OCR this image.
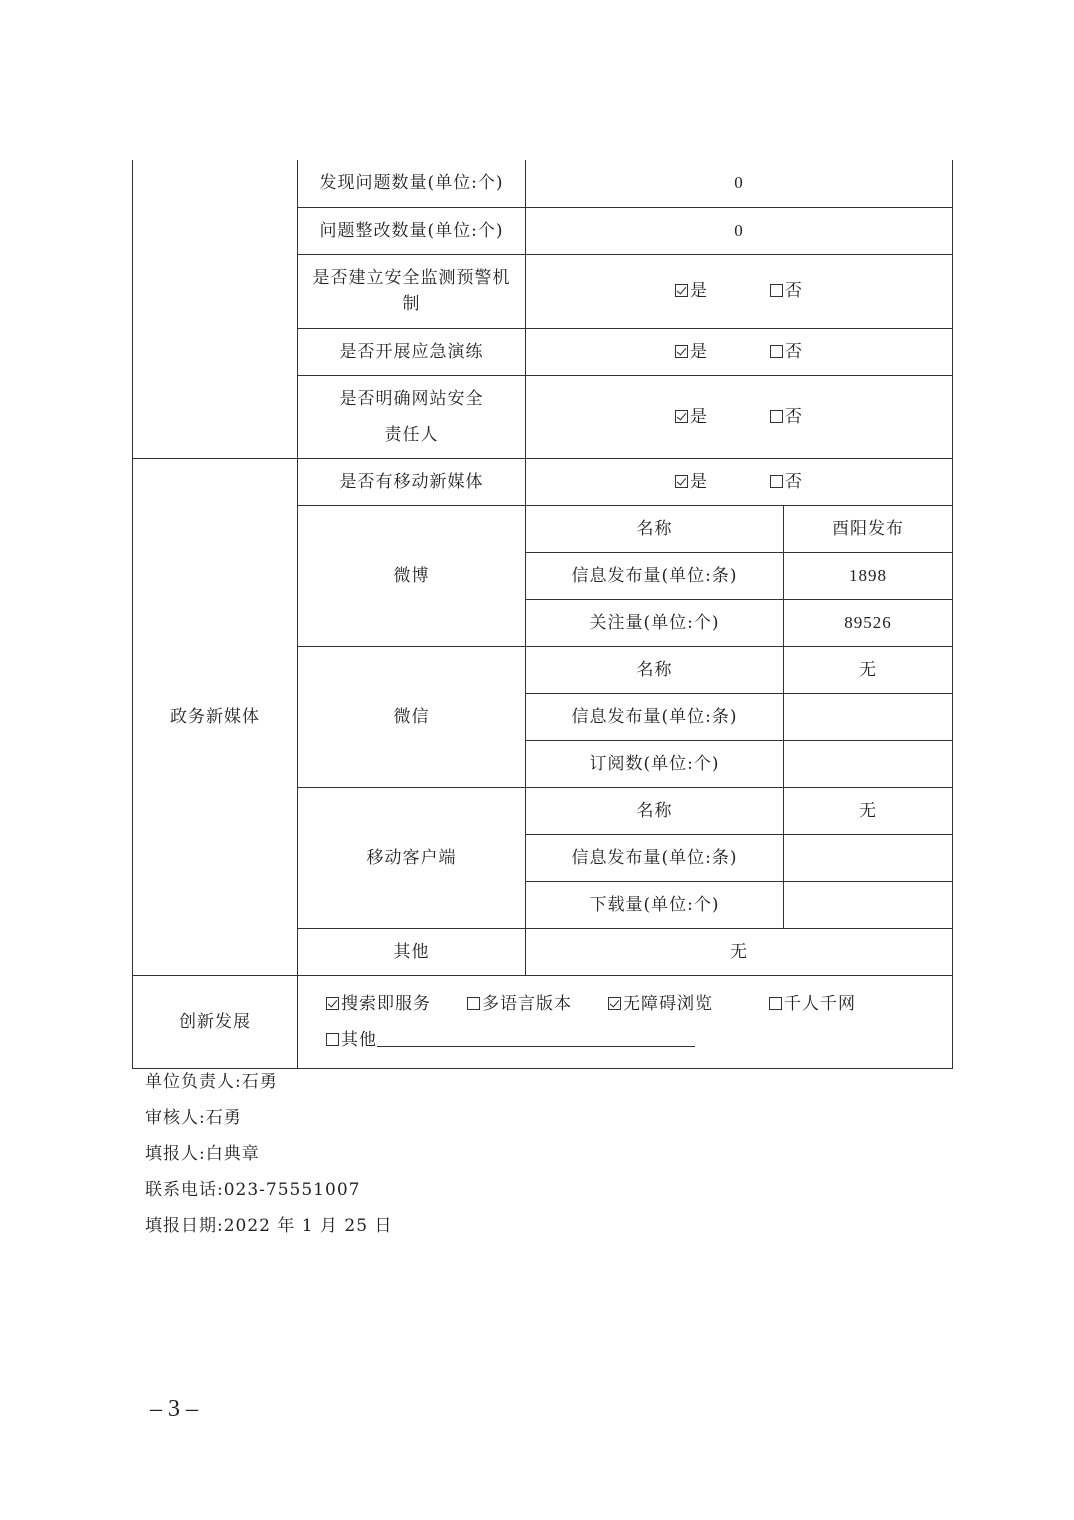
	发现问题数量(单位:个)	0	
	问题整改数量(单位:个)	0	
	是否建立安全监测预警机制	是 否	
	是否开展应急演练	是 否	
	是否明确网站安全
责任人	是 否	
政务新媒体	是否有移动新媒体	是 否	
	微博	名称	酉阳发布
		信息发布量(单位:条)	1898
		关注量(单位:个)	89526
	微信	名称	无
		信息发布量(单位:条)	
		订阅数(单位:个)	
	移动客户端	名称	无
		信息发布量(单位:条)	
		下载量(单位:个)	
	其他	无	
创新发展	搜索即服务 多语言版本 无障碍浏览 千人千网
其他		
单位负责人:石勇
审核人:石勇
填报人:白典章
联系电话:023-75551007
填报日期:2022 年 1 月 25 日
– 3 –
